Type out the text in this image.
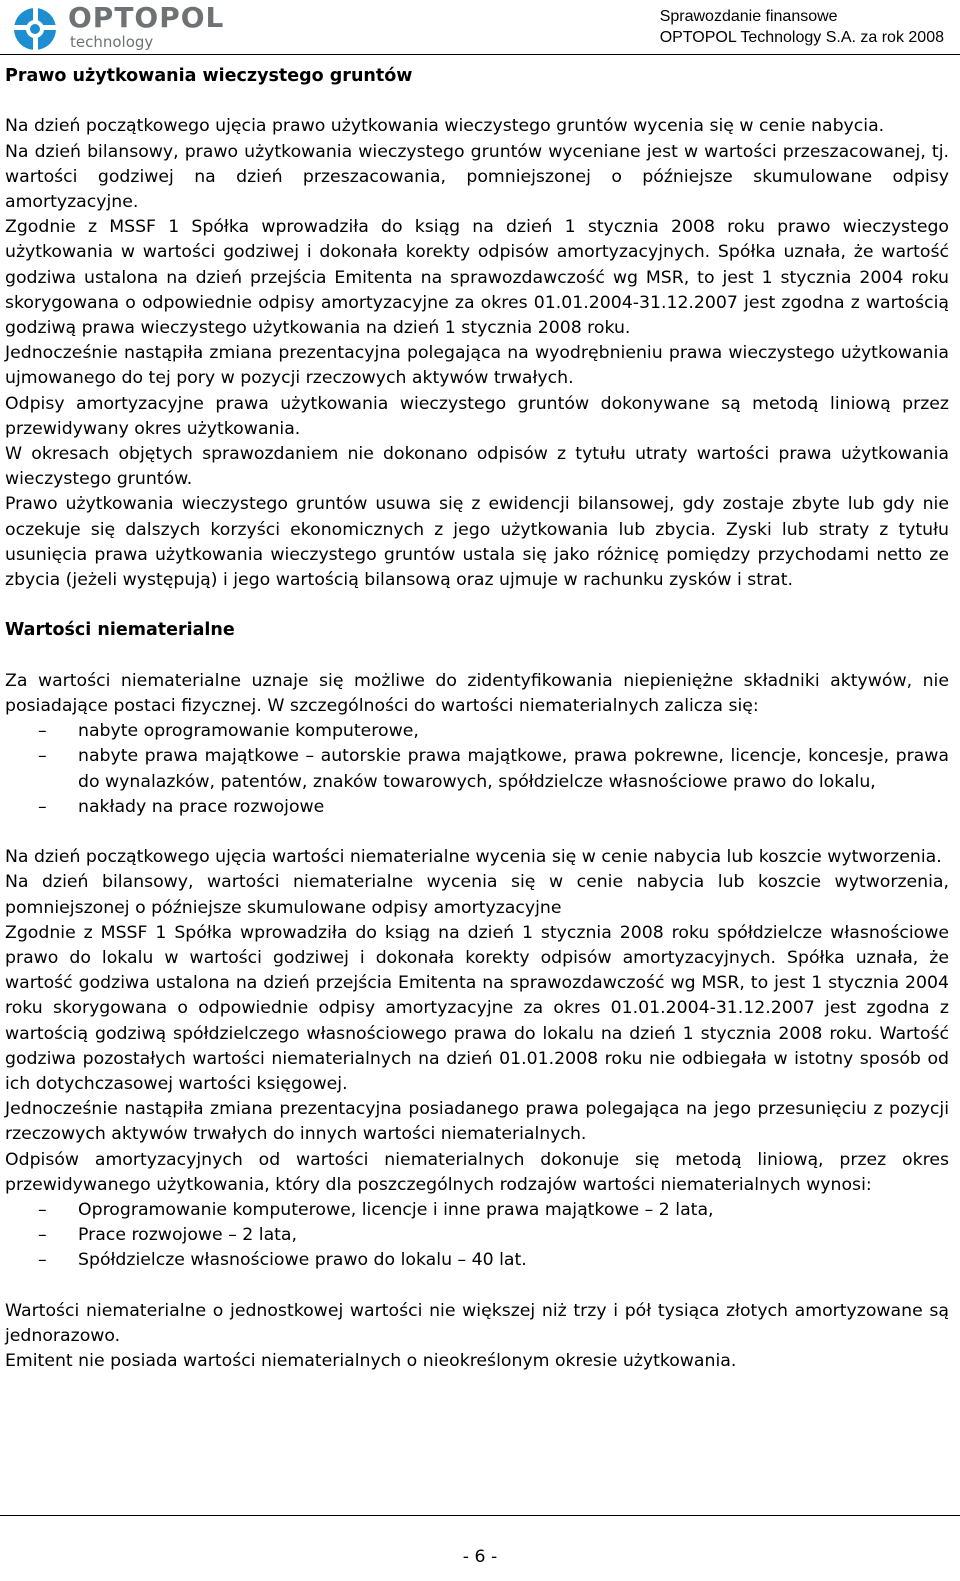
OPTOPOL
technology
Sprawozdanie finansowe
OPTOPOL Technology S.A. za rok 2008
Prawo użytkowania wieczystego gruntów

Na dzień początkowego ujęcia prawo użytkowania wieczystego gruntów wycenia się w cenie nabycia.

Na dzień bilansowy, prawo użytkowania wieczystego gruntów wyceniane jest w wartości przeszacowanej, tj. wartości godziwej na dzień przeszacowania, pomniejszonej o późniejsze skumulowane odpisy amortyzacyjne.

Zgodnie z MSSF 1 Spółka wprowadziła do ksiąg na dzień 1 stycznia 2008 roku prawo wieczystego użytkowania w wartości godziwej i dokonała korekty odpisów amortyzacyjnych. Spółka uznała, że wartość godziwa ustalona na dzień przejścia Emitenta na sprawozdawczość wg MSR, to jest 1 stycznia 2004 roku skorygowana o odpowiednie odpisy amortyzacyjne za okres 01.01.2004-31.12.2007 jest zgodna z wartością godziwą prawa wieczystego użytkowania na dzień 1 stycznia 2008 roku.

Jednocześnie nastąpiła zmiana prezentacyjna polegająca na wyodrębnieniu prawa wieczystego użytkowania ujmowanego do tej pory w pozycji rzeczowych aktywów trwałych.

Odpisy amortyzacyjne prawa użytkowania wieczystego gruntów dokonywane są metodą liniową przez przewidywany okres użytkowania.

W okresach objętych sprawozdaniem nie dokonano odpisów z tytułu utraty wartości prawa użytkowania wieczystego gruntów.

Prawo użytkowania wieczystego gruntów usuwa się z ewidencji bilansowej, gdy zostaje zbyte lub gdy nie oczekuje się dalszych korzyści ekonomicznych z jego użytkowania lub zbycia. Zyski lub straty z tytułu usunięcia prawa użytkowania wieczystego gruntów ustala się jako różnicę pomiędzy przychodami netto ze zbycia (jeżeli występują) i jego wartością bilansową oraz ujmuje w rachunku zysków i strat.

Wartości niematerialne

Za wartości niematerialne uznaje się możliwe do zidentyfikowania niepieniężne składniki aktywów, nie posiadające postaci fizycznej. W szczególności do wartości niematerialnych zalicza się:

– nabyte oprogramowanie komputerowe,
– nabyte prawa majątkowe – autorskie prawa majątkowe, prawa pokrewne, licencje, koncesje, prawa do wynalazków, patentów, znaków towarowych, spółdzielcze własnościowe prawo do lokalu,
– nakłady na prace rozwojowe

Na dzień początkowego ujęcia wartości niematerialne wycenia się w cenie nabycia lub koszcie wytworzenia.

Na dzień bilansowy, wartości niematerialne wycenia się w cenie nabycia lub koszcie wytworzenia, pomniejszonej o późniejsze skumulowane odpisy amortyzacyjne

Zgodnie z MSSF 1 Spółka wprowadziła do ksiąg na dzień 1 stycznia 2008 roku spółdzielcze własnościowe prawo do lokalu w wartości godziwej i dokonała korekty odpisów amortyzacyjnych. Spółka uznała, że wartość godziwa ustalona na dzień przejścia Emitenta na sprawozdawczość wg MSR, to jest 1 stycznia 2004 roku skorygowana o odpowiednie odpisy amortyzacyjne za okres 01.01.2004-31.12.2007 jest zgodna z wartością godziwą spółdzielczego własnościowego prawa do lokalu na dzień 1 stycznia 2008 roku. Wartość godziwa pozostałych wartości niematerialnych na dzień 01.01.2008 roku nie odbiegała w istotny sposób od ich dotychczasowej wartości księgowej.

Jednocześnie nastąpiła zmiana prezentacyjna posiadanego prawa polegająca na jego przesunięciu z pozycji rzeczowych aktywów trwałych do innych wartości niematerialnych.

Odpisów amortyzacyjnych od wartości niematerialnych dokonuje się metodą liniową, przez okres przewidywanego użytkowania, który dla poszczególnych rodzajów wartości niematerialnych wynosi:

– Oprogramowanie komputerowe, licencje i inne prawa majątkowe – 2 lata,
– Prace rozwojowe – 2 lata,
– Spółdzielcze własnościowe prawo do lokalu – 40 lat.

Wartości niematerialne o jednostkowej wartości nie większej niż trzy i pół tysiąca złotych amortyzowane są jednorazowo.

Emitent nie posiada wartości niematerialnych o nieokreślonym okresie użytkowania.

- 6 -
